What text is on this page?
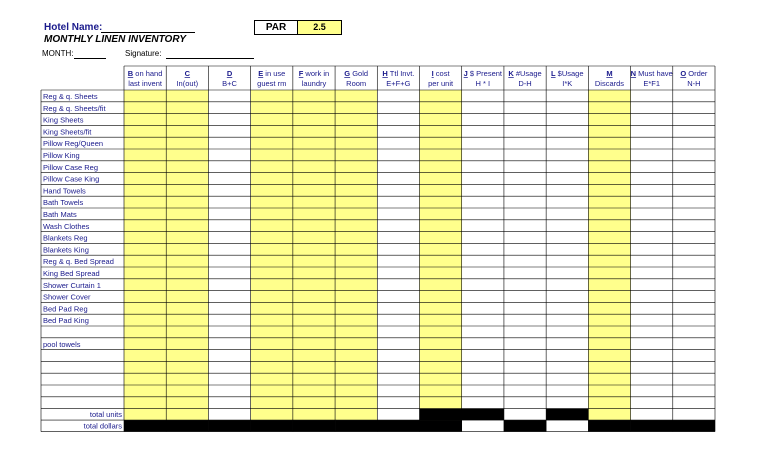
Hotel Name:
MONTHLY LINEN INVENTORY
MONTH:	Signature:
PAR	2.5
B on hand
last invent
C
In(out)
D
B+C
E in use
guest rm
F work in
laundry
G Gold
Room
H Ttl Invt.
E+F+G
I cost
per unit
J $ Present
H * I
K #Usage
D-H
L $Usage
I*K
M
Discards
N Must have
E*F1
O Order
N-H
Reg & q. Sheets
Reg & q. Sheets/fit
King Sheets
King Sheets/fit
Pillow Reg/Queen
Pillow King
Pillow Case Reg
Pillow Case King
Hand Towels
Bath Towels
Bath Mats
Wash Clothes
Blankets Reg
Blankets King
Reg & q. Bed Spread
King Bed Spread
Shower Curtain 1
Shower Cover
Bed Pad Reg
Bed Pad King
pool towels
total units
total dollars
